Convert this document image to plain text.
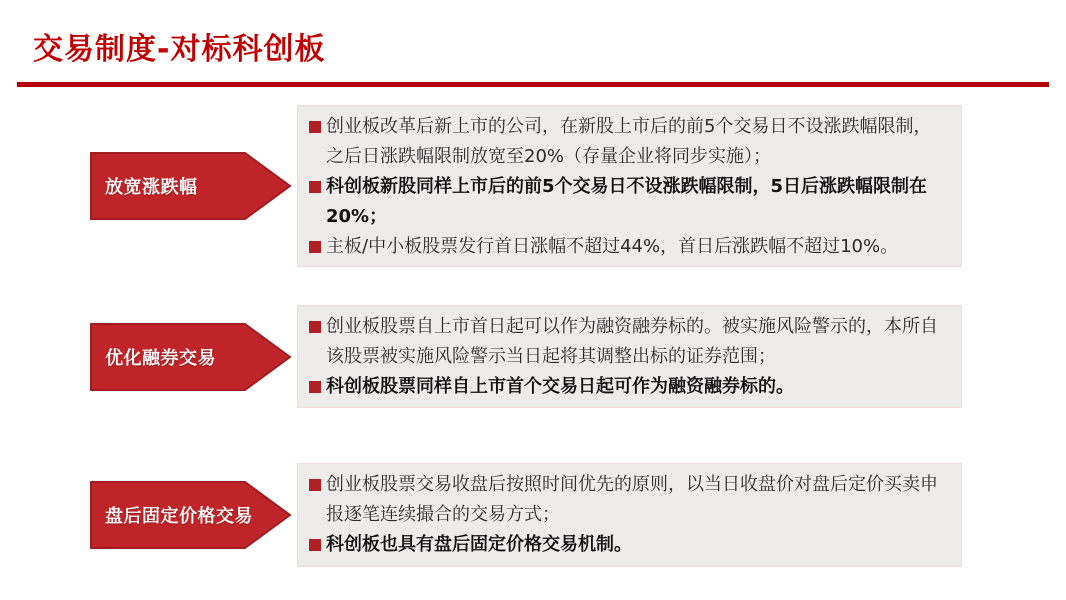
交易制度-对标科创板
放宽涨跌幅
创业板改革后新上市的公司，在新股上市后的前5个交易日不设涨跌幅限制，之后日涨跌幅限制放宽至20%（存量企业将同步实施）；
科创板新股同样上市后的前5个交易日不设涨跌幅限制，5日后涨跌幅限制在20%；
主板/中小板股票发行首日涨幅不超过44%，首日后涨跌幅不超过10%。
优化融券交易
创业板股票自上市首日起可以作为融资融券标的。被实施风险警示的，本所自该股票被实施风险警示当日起将其调整出标的证券范围；
科创板股票同样自上市首个交易日起可作为融资融券标的。
盘后固定价格交易
创业板股票交易收盘后按照时间优先的原则，以当日收盘价对盘后定价买卖申报逐笔连续撮合的交易方式；
科创板也具有盘后固定价格交易机制。
